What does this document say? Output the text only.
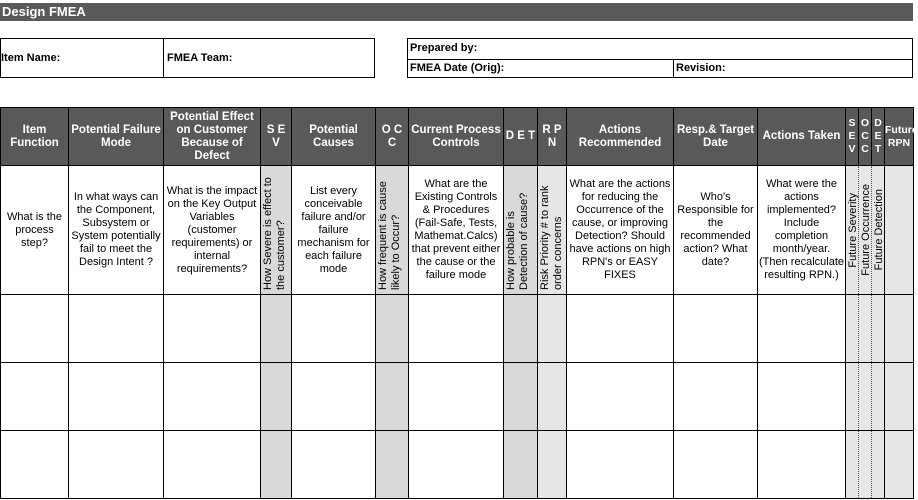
Design FMEA
Item Name:	FMEA Team:
Prepared by:
FMEA Date (Orig):	Revision:
Item Function	Potential Failure Mode	Potential Effect on Customer Because of Defect	S E V	Potential Causes	O C C	Current Process Controls	D E T	R P N	Actions Recommended	Resp.& Target Date	Actions Taken	S E V	O C C	D E T	Future RPN
What is the process step?	In what ways can the Component, Subsystem or System potentially fail to meet the Design Intent ?	What is the impact on the Key Output Variables (customer requirements) or internal requirements?	How Severe is effect to the customer?	List every conceivable failure and/or failure mechanism for each failure mode	How frequent is cause likely to Occur?	What are the Existing Controls & Procedures (Fail-Safe, Tests, Mathemat.Calcs) that prevent either the cause or the failure mode	How probable is Detection of cause?	Risk Priority # to rank order concerns	What are the actions for reducing the Occurrence of the cause, or improving Detection? Should have actions on high RPN's or EASY FIXES	Who's Responsible for the recommended action? What date?	What were the actions implemented? Include completion month/year. (Then recalculate resulting RPN.)	Future Severity	Future Occurrence	Future Detection	
